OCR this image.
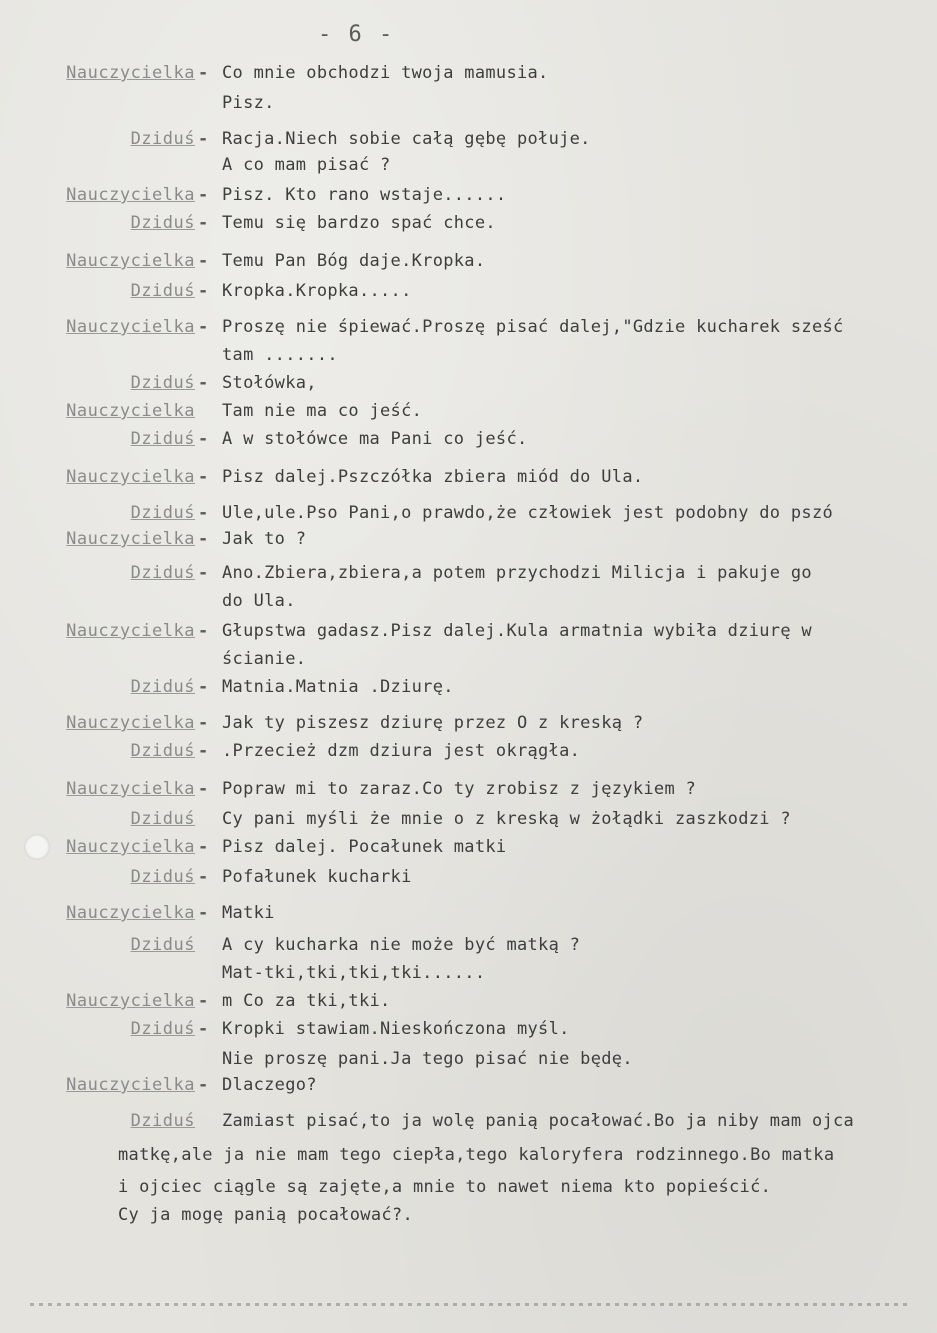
- 6 -
Nauczycielka - Co mnie obchodzi twoja mamusia.
Pisz.
Dziduś - Racja.Niech sobie całą gębę połuje.
A co mam pisać ?
Nauczycielka - Pisz. Kto rano wstaje......
Dziduś - Temu się bardzo spać chce.
Nauczycielka - Temu Pan Bóg daje.Kropka.
Dziduś - Kropka.Kropka.....
Nauczycielka - Proszę nie śpiewać.Proszę pisać dalej,"Gdzie kucharek sześć
tam .......
Dziduś - Stołówka,
Nauczycielka Tam nie ma co jeść.
Dziduś - A w stołówce ma Pani co jeść.
Nauczycielka - Pisz dalej.Pszczółka zbiera miód do Ula.
Dziduś - Ule,ule.Pso Pani,o prawdo,że człowiek jest podobny do pszó
Nauczycielka - Jak to ?
Dziduś - Ano.Zbiera,zbiera,a potem przychodzi Milicja i pakuje go
do Ula.
Nauczycielka - Głupstwa gadasz.Pisz dalej.Kula armatnia wybiła dziurę w
ścianie.
Dziduś - Matnia.Matnia .Dziurę.
Nauczycielka - Jak ty piszesz dziurę przez O z kreską ?
Dziduś - .Przecież dzm dziura jest okrągła.
Nauczycielka - Popraw mi to zaraz.Co ty zrobisz z językiem ?
Dziduś Cy pani myśli że mnie o z kreską w żołądki zaszkodzi ?
Nauczycielka - Pisz dalej. Pocałunek matki
Dziduś - Pofałunek kucharki
Nauczycielka - Matki
Dziduś A cy kucharka nie może być matką ?
Mat-tki,tki,tki,tki......
Nauczycielka - m Co za tki,tki.
Dziduś - Kropki stawiam.Nieskończona myśl.
Nie proszę pani.Ja tego pisać nie będę.
Nauczycielka - Dlaczego?
Dziduś Zamiast pisać,to ja wolę panią pocałować.Bo ja niby mam ojca
matkę,ale ja nie mam tego ciepła,tego kaloryfera rodzinnego.Bo matka
i ojciec ciągle są zajęte,a mnie to nawet niema kto popieścić.
Cy ja mogę panią pocałować?.
